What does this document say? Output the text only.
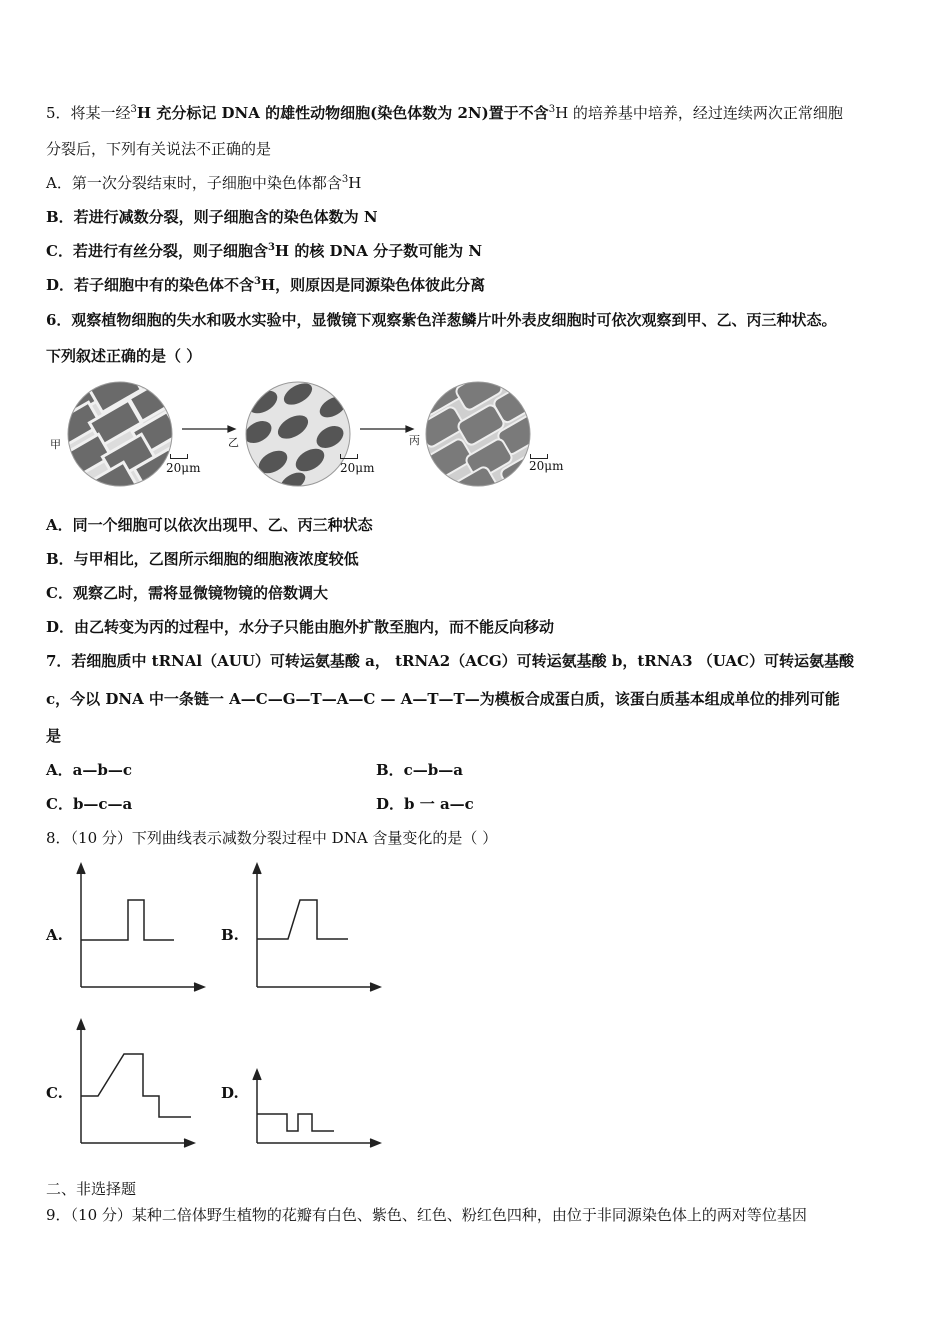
5．将某一经$^3$H 充分标记 DNA 的雄性动物细胞(染色体数为 2N)置于不含$^3$H 的培养基中培养，经过连续两次正常细胞
分裂后，下列有关说法不正确的是
A．第一次分裂结束时，子细胞中染色体都含$^3$H
B．若进行减数分裂，则子细胞含的染色体数为 N
C．若进行有丝分裂，则子细胞含$^3$H 的核 DNA 分子数可能为 N
D．若子细胞中有的染色体不含$^3$H，则原因是同源染色体彼此分离
6．观察植物细胞的失水和吸水实验中，显微镜下观察紫色洋葱鳞片叶外表皮细胞时可依次观察到甲、乙、丙三种状态。
下列叙述正确的是（ ）
甲	乙	丙
20μm	20μm	20μm
A．同一个细胞可以依次出现甲、乙、丙三种状态
B．与甲相比，乙图所示细胞的细胞液浓度较低
C．观察乙时，需将显微镜物镜的倍数调大
D．由乙转变为丙的过程中，水分子只能由胞外扩散至胞内，而不能反向移动
7．若细胞质中 tRNAl（AUU）可转运氨基酸 a， tRNA2（ACG）可转运氨基酸 b，tRNA3 （UAC）可转运氨基酸
c，今以 DNA 中一条链一 A—C—G—T—A—C — A—T—T—为模板合成蛋白质，该蛋白质基本组成单位的排列可能
是
A．a—b—c	B．c—b—a
C．b—c—a	D．b 一 a—c
8．（10 分）下列曲线表示减数分裂过程中 DNA 含量变化的是（ ）
A.	B.
C.	D.
二、非选择题
9．（10 分）某种二倍体野生植物的花瓣有白色、紫色、红色、粉红色四种，由位于非同源染色体上的两对等位基因
